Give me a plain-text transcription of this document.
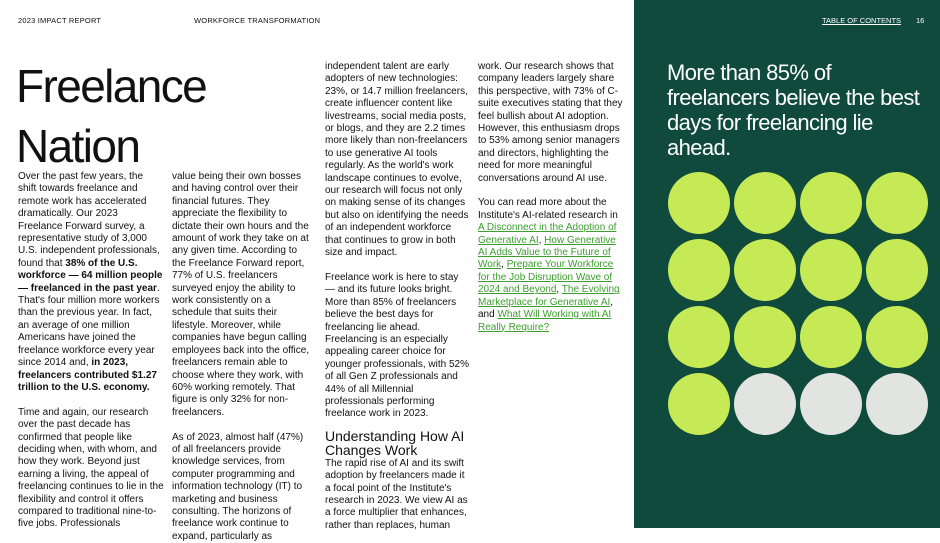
2023 IMPACT REPORT	WORKFORCE TRANSFORMATION
Freelance
Nation

Over the past few years, the shift towards freelance and remote work has accelerated dramatically. Our 2023 Freelance Forward survey, a representative study of 3,000 U.S. independent professionals, found that 38% of the U.S. workforce — 64 million people — freelanced in the past year. That's four million more workers than the previous year. In fact, an average of one million Americans have joined the freelance workforce every year since 2014 and, in 2023, freelancers contributed $1.27 trillion to the U.S. economy.

Time and again, our research over the past decade has confirmed that people like deciding when, with whom, and how they work. Beyond just earning a living, the appeal of freelancing continues to lie in the flexibility and control it offers compared to traditional nine-to-five jobs. Professionals

value being their own bosses and having control over their financial futures. They appreciate the flexibility to dictate their own hours and the amount of work they take on at any given time. According to the Freelance Forward report, 77% of U.S. freelancers surveyed enjoy the ability to work consistently on a schedule that suits their lifestyle. Moreover, while companies have begun calling employees back into the office, freelancers remain able to choose where they work, with 60% working remotely. That figure is only 32% for non-freelancers.

As of 2023, almost half (47%) of all freelancers provide knowledge services, from computer programming and information technology (IT) to marketing and business consulting. The horizons of freelance work continue to expand, particularly as

independent talent are early adopters of new technologies: 23%, or 14.7 million freelancers, create influencer content like livestreams, social media posts, or blogs, and they are 2.2 times more likely than non-freelancers to use generative AI tools regularly. As the world's work landscape continues to evolve, our research will focus not only on making sense of its changes but also on identifying the needs of an independent workforce that continues to grow in both size and impact.

Freelance work is here to stay — and its future looks bright. More than 85% of freelancers believe the best days for freelancing lie ahead. Freelancing is an especially appealing career choice for younger professionals, with 52% of all Gen Z professionals and 44% of all Millennial professionals performing freelance work in 2023.

Understanding How AI Changes Work

The rapid rise of AI and its swift adoption by freelancers made it a focal point of the Institute's research in 2023. We view AI as a force multiplier that enhances, rather than replaces, human

work. Our research shows that company leaders largely share this perspective, with 73% of C-suite executives stating that they feel bullish about AI adoption. However, this enthusiasm drops to 53% among senior managers and directors, highlighting the need for more meaningful conversations around AI use.

You can read more about the Institute's AI-related research in A Disconnect in the Adoption of Generative AI, How Generative AI Adds Value to the Future of Work, Prepare Your Workforce for the Job Disruption Wave of 2024 and Beyond, The Evolving Marketplace for Generative AI, and What Will Working with AI Really Require?

TABLE OF CONTENTS 16
More than 85% of freelancers believe the best days for freelancing lie ahead.
